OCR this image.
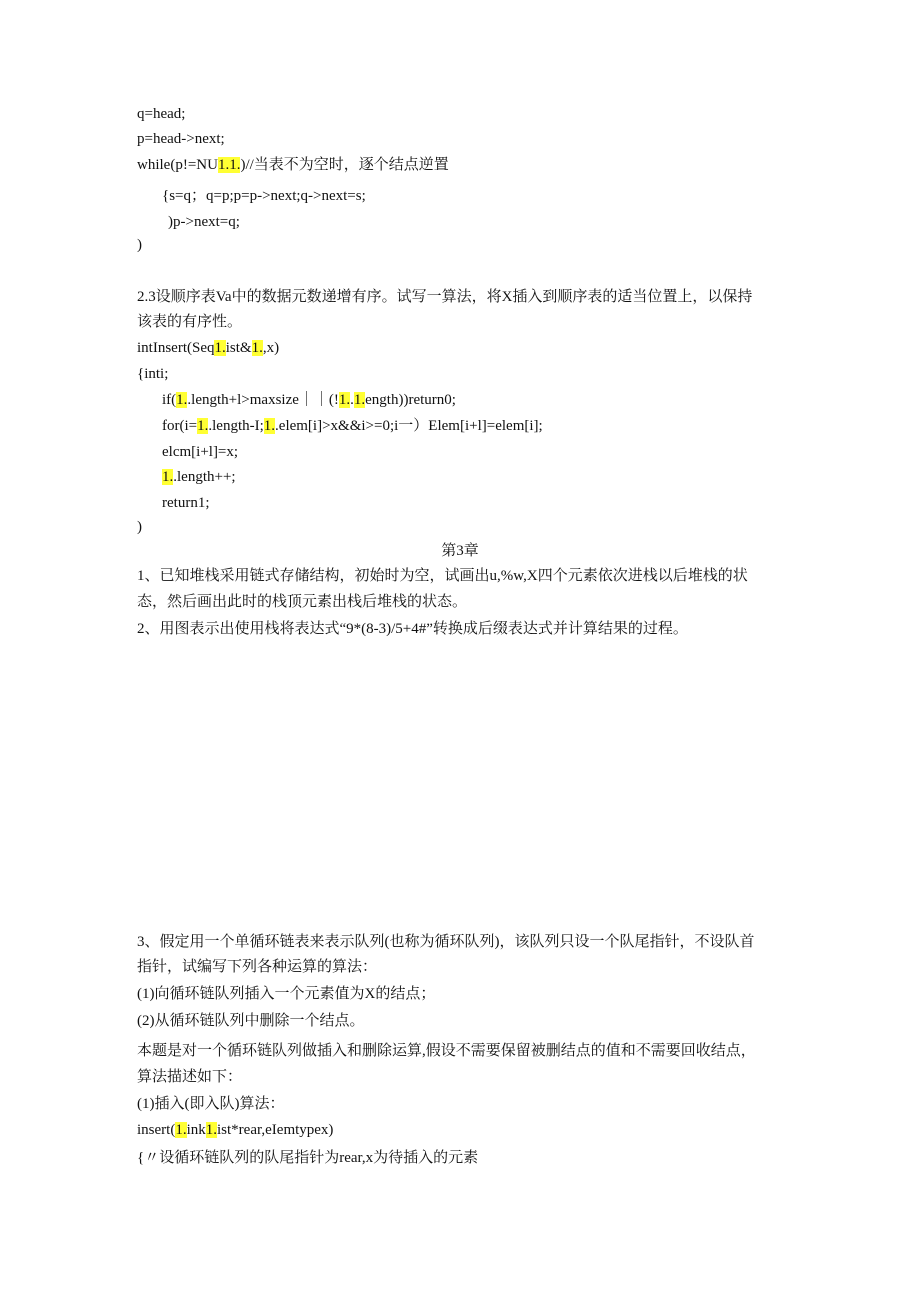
q=head;
p=head->next;
while(p!=NU1.1.)//当表不为空时，逐个结点逆置
{s=q；q=p;p=p->next;q->next=s;
)p->next=q;
)
2.3设顺序表Va中的数据元数递增有序。试写一算法，将X插入到顺序表的适当位置上，以保持
该表的有序性。
intInsert(Seq1.ist&1.,x)
{inti;
if(1..length+l>maxsize｜｜(!1..1.ength))return0;
for(i=1..length-I;1..elem[i]>x&&i>=0;i一）Elem[i+l]=elem[i];
elcm[i+l]=x;
1..length++;
return1;
)
第3章
1、已知堆栈采用链式存储结构，初始时为空，试画出u,%w,X四个元素依次进栈以后堆栈的状
态，然后画出此时的栈顶元素出栈后堆栈的状态。
2、用图表示出使用栈将表达式“9*(8-3)/5+4#”转换成后缀表达式并计算结果的过程。
3、假定用一个单循环链表来表示队列(也称为循环队列)，该队列只设一个队尾指针，不设队首
指针，试编写下列各种运算的算法：
(1)向循环链队列插入一个元素值为X的结点；
(2)从循环链队列中删除一个结点。
本题是对一个循环链队列做插入和删除运算,假设不需要保留被删结点的值和不需要回收结点，
算法描述如下：
(1)插入(即入队)算法：
insert(1.ink1.ist*rear,eIemtypex)
{〃设循环链队列的队尾指针为rear,x为待插入的元素
